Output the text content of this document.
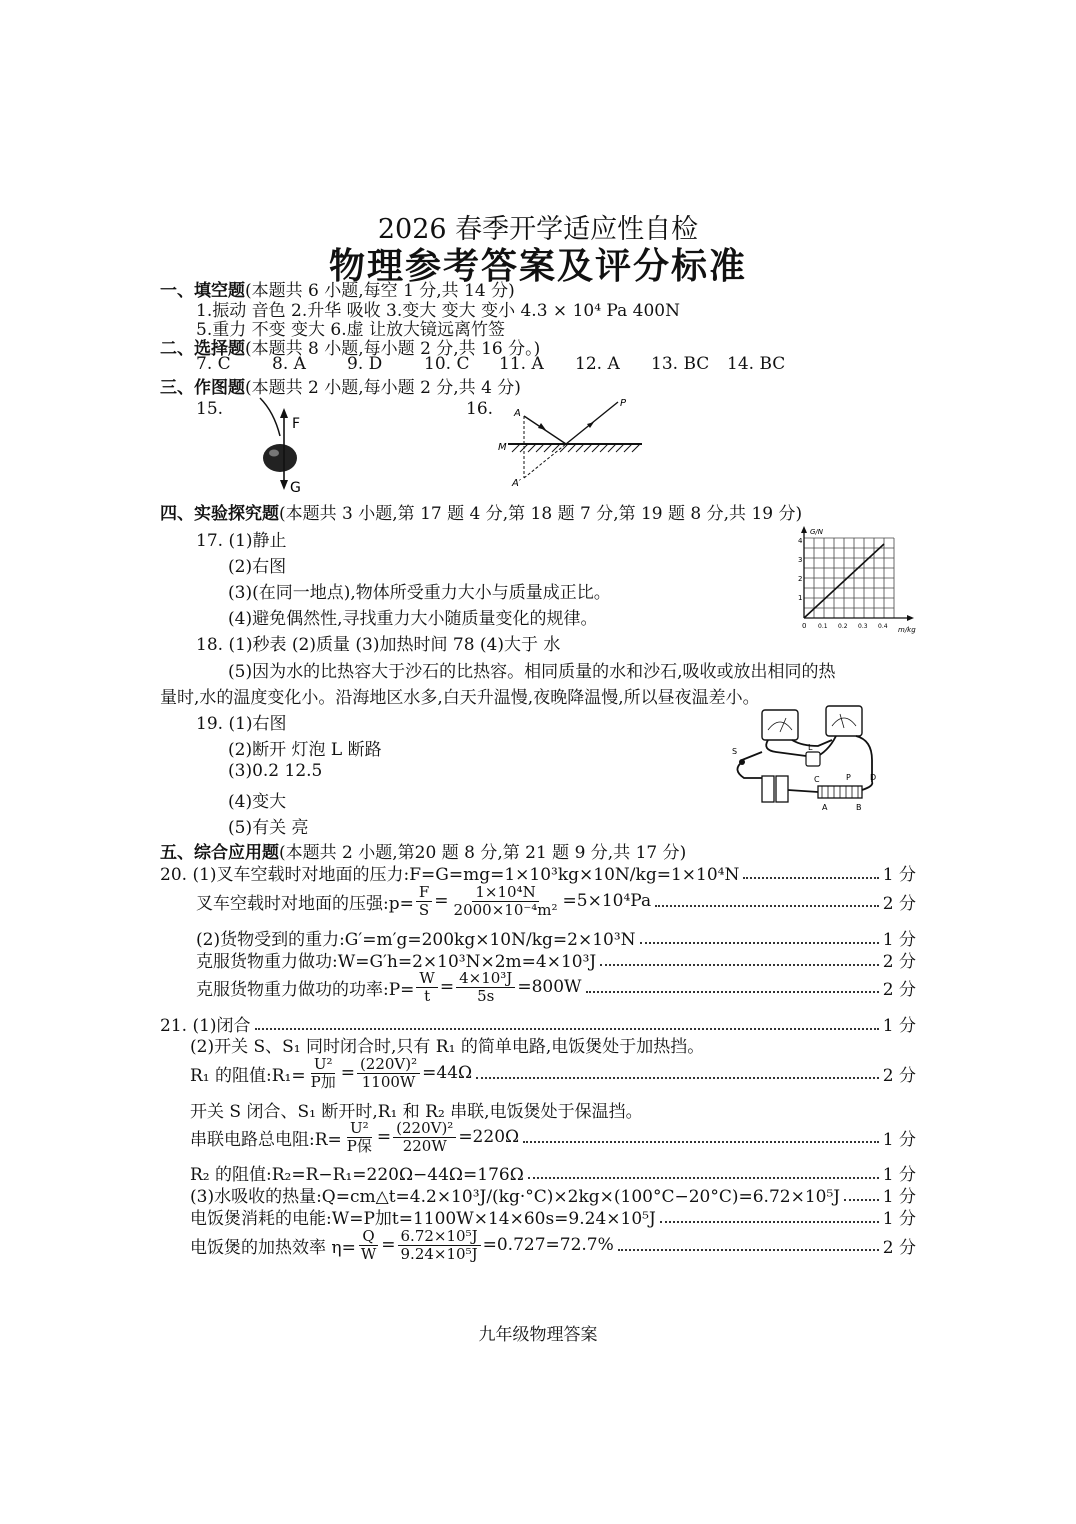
2026 春季开学适应性自检
物理参考答案及评分标准
一、填空题(本题共 6 小题,每空 1 分,共 14 分)
1.振动 音色 2.升华 吸收 3.变大 变大 变小 4.3 × 10⁴ Pa 400N
5.重力 不变 变大 6.虚 让放大镜远离竹签
二、选择题(本题共 8 小题,每小题 2 分,共 16 分。)
7. C 8. A 9. D 10. C 11. A 12. A 13. BC 14. BC
三、作图题(本题共 2 小题,每小题 2 分,共 4 分)
15.	16.
F
G
A
P
M
A′
四、实验探究题(本题共 3 小题,第 17 题 4 分,第 18 题 7 分,第 19 题 8 分,共 19 分)
17. (1)静止
(2)右图
(3)(在同一地点),物体所受重力大小与质量成正比。
(4)避免偶然性,寻找重力大小随质量变化的规律。
18. (1)秒表 (2)质量 (3)加热时间 78 (4)大于 水
(5)因为水的比热容大于沙石的比热容。相同质量的水和沙石,吸收或放出相同的热
量时,水的温度变化小。沿海地区水多,白天升温慢,夜晚降温慢,所以昼夜温差小。
19. (1)右图
(2)断开 灯泡 L 断路
(3)0.2 12.5
(4)变大
(5)有关 亮
G/N
m/kg
0 0.1 0.2 0.3 0.4
1
2
3
4
S	L
C	P D
A	B
五、综合应用题(本题共 2 小题,第20 题 8 分,第 21 题 9 分,共 17 分)
20. (1)叉车空载时对地面的压力:F=G=mg=1×10³kg×10N/kg=1×10⁴N	1 分
叉车空载时对地面的压强:p= $\frac{F}{S} = \frac{\text{1×10⁴N}}{\text{2000×10⁻⁴m²}} =5\times 10^4Pa$	2 分
(2)货物受到的重力:G′=m′g=200kg×10N/kg=2×10³N	1 分
克服货物重力做功:W=G′h=2×10³N×2m=4×10³J	2 分
克服货物重力做功的功率:P= $\frac{W}{t} = \frac{\text{4×10³J}}{5s} =800W$	2 分
21. (1)闭合	1 分
(2)开关 S、S₁ 同时闭合时,只有 R₁ 的简单电路,电饭煲处于加热挡。
R₁ 的阻值:R₁= $\frac{\text{U²}}{\text{P加}} = \frac{\text{(220V)²}}{1100W} =44\Omega$	2 分
开关 S 闭合、S₁ 断开时,R₁ 和 R₂ 串联,电饭煲处于保温挡。
串联电路总电阻:R= $\frac{\text{U²}}{\text{P保}} = \frac{\text{(220V)²}}{220W} =220\Omega$	1 分
R₂ 的阻值:R₂=R−R₁=220Ω−44Ω=176Ω	1 分
(3)水吸收的热量:Q=cm△t=4.2×10³J/(kg·°C)×2kg×(100°C−20°C)=6.72×10⁵J	1 分
电饭煲消耗的电能:W=P加t=1100W×14×60s=9.24×10⁵J	1 分
电饭煲的加热效率 $\eta= \frac{Q}{W} = \frac{\text{6.72×10⁵J}}{\text{9.24×10⁵J}} =0.727=72.7\%$	2 分
九年级物理答案
